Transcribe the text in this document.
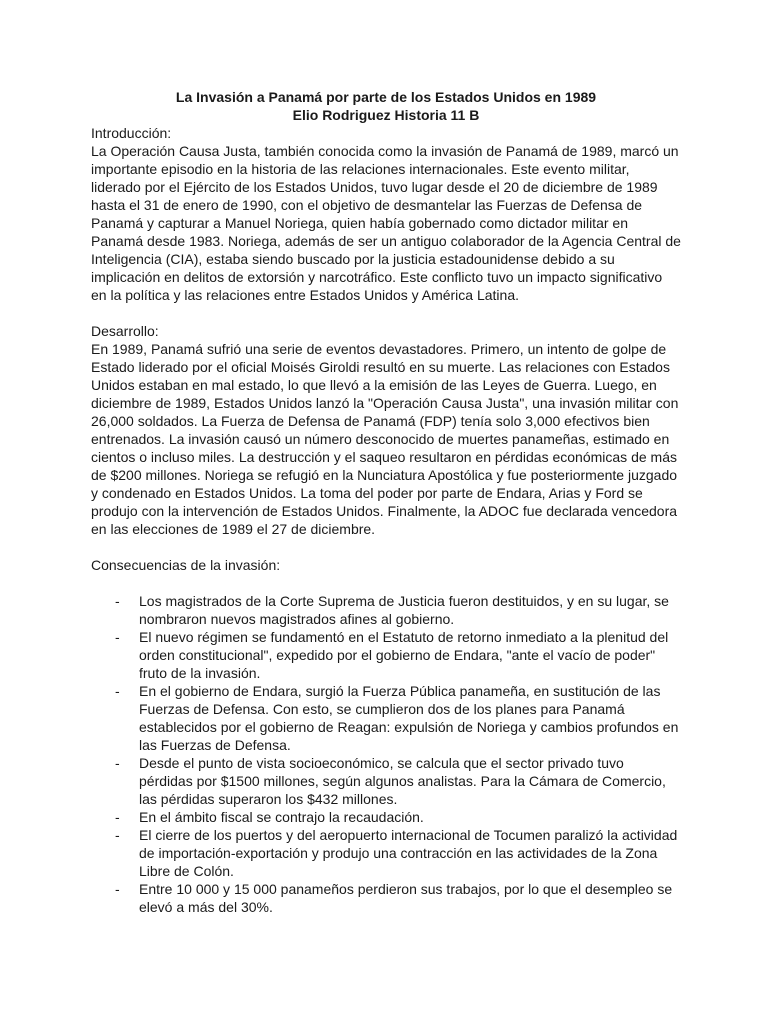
La Invasión a Panamá por parte de los Estados Unidos en 1989

Elio Rodriguez Historia 11 B

Introducción:

La Operación Causa Justa, también conocida como la invasión de Panamá de 1989, marcó un importante episodio en la historia de las relaciones internacionales. Este evento militar, liderado por el Ejército de los Estados Unidos, tuvo lugar desde el 20 de diciembre de 1989 hasta el 31 de enero de 1990, con el objetivo de desmantelar las Fuerzas de Defensa de Panamá y capturar a Manuel Noriega, quien había gobernado como dictador militar en Panamá desde 1983. Noriega, además de ser un antiguo colaborador de la Agencia Central de Inteligencia (CIA), estaba siendo buscado por la justicia estadounidense debido a su implicación en delitos de extorsión y narcotráfico. Este conflicto tuvo un impacto significativo en la política y las relaciones entre Estados Unidos y América Latina.

Desarrollo:

En 1989, Panamá sufrió una serie de eventos devastadores. Primero, un intento de golpe de Estado liderado por el oficial Moisés Giroldi resultó en su muerte. Las relaciones con Estados Unidos estaban en mal estado, lo que llevó a la emisión de las Leyes de Guerra. Luego, en diciembre de 1989, Estados Unidos lanzó la "Operación Causa Justa", una invasión militar con 26,000 soldados. La Fuerza de Defensa de Panamá (FDP) tenía solo 3,000 efectivos bien entrenados. La invasión causó un número desconocido de muertes panameñas, estimado en cientos o incluso miles. La destrucción y el saqueo resultaron en pérdidas económicas de más de $200 millones. Noriega se refugió en la Nunciatura Apostólica y fue posteriormente juzgado y condenado en Estados Unidos. La toma del poder por parte de Endara, Arias y Ford se produjo con la intervención de Estados Unidos. Finalmente, la ADOC fue declarada vencedora en las elecciones de 1989 el 27 de diciembre.

Consecuencias de la invasión:

- Los magistrados de la Corte Suprema de Justicia fueron destituidos, y en su lugar, se nombraron nuevos magistrados afines al gobierno.
- El nuevo régimen se fundamentó en el Estatuto de retorno inmediato a la plenitud del orden constitucional", expedido por el gobierno de Endara, "ante el vacío de poder" fruto de la invasión.
- En el gobierno de Endara, surgió la Fuerza Pública panameña, en sustitución de las Fuerzas de Defensa. Con esto, se cumplieron dos de los planes para Panamá establecidos por el gobierno de Reagan: expulsión de Noriega y cambios profundos en las Fuerzas de Defensa.
- Desde el punto de vista socioeconómico, se calcula que el sector privado tuvo pérdidas por $1500 millones, según algunos analistas. Para la Cámara de Comercio, las pérdidas superaron los $432 millones.
- En el ámbito fiscal se contrajo la recaudación.
- El cierre de los puertos y del aeropuerto internacional de Tocumen paralizó la actividad de importación-exportación y produjo una contracción en las actividades de la Zona Libre de Colón.
- Entre 10 000 y 15 000 panameños perdieron sus trabajos, por lo que el desempleo se elevó a más del 30%.
